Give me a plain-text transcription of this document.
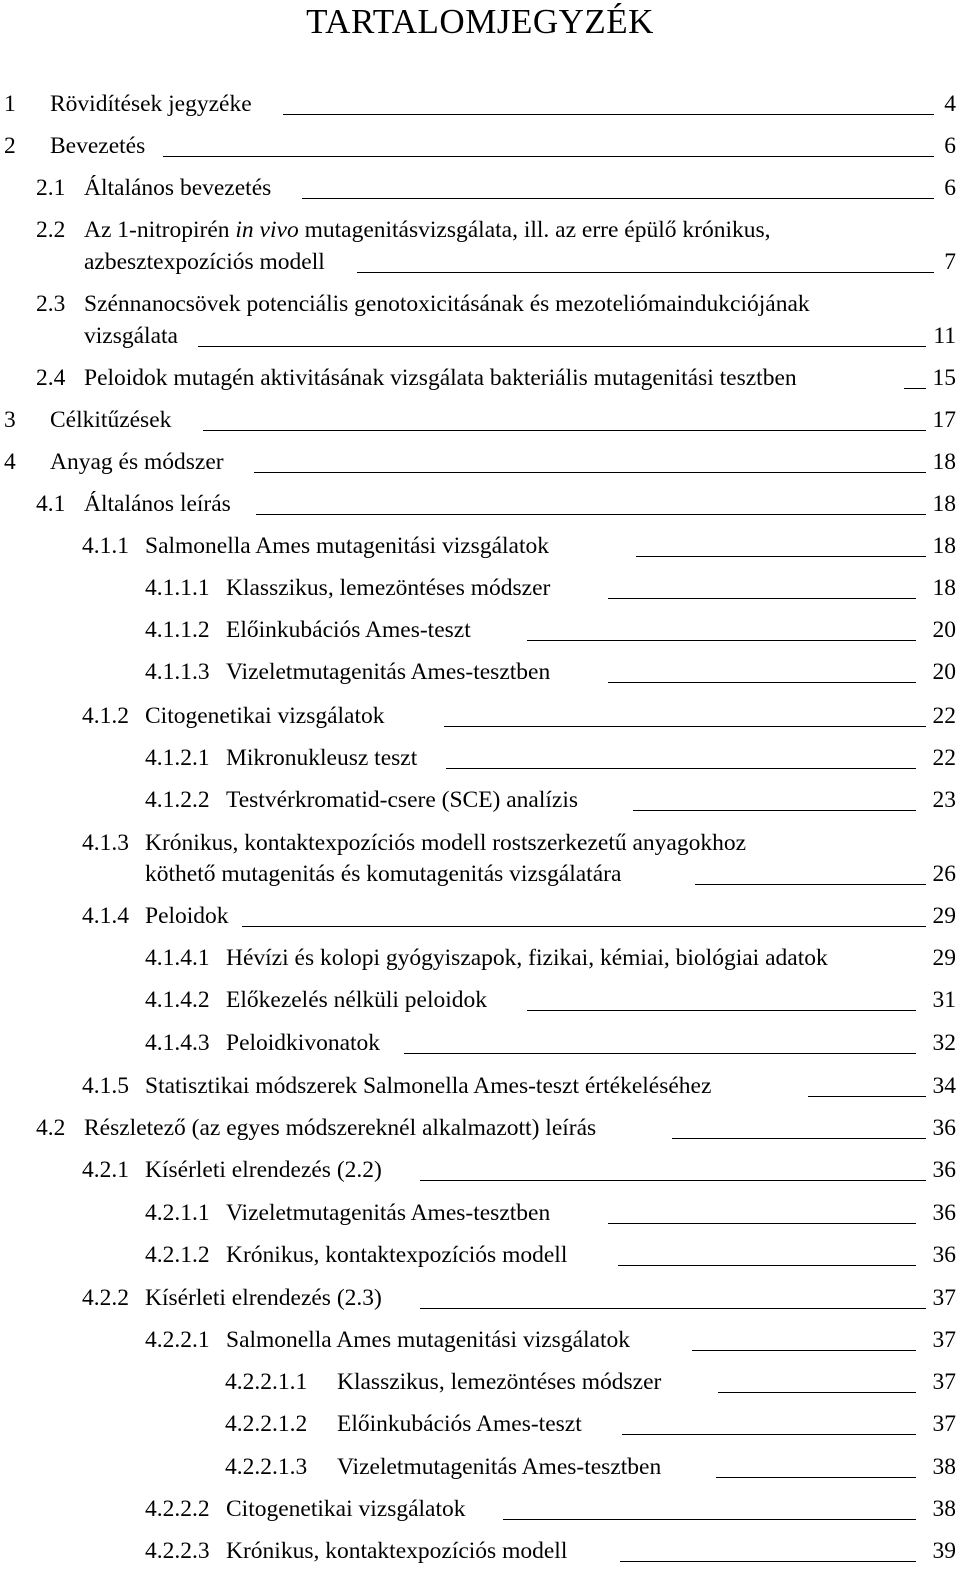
TARTALOMJEGYZÉK
1 Rövidítések jegyzéke	4
2 Bevezetés	6
2.1 Általános bevezetés	6
2.2 Az 1-nitropirén in vivo mutagenitásvizsgálata, ill. az erre épülő krónikus,
azbesztexpozíciós modell	7
2.3 Szénnanocsövek potenciális genotoxicitásának és mezoteliómaindukciójának
vizsgálata	11
2.4 Peloidok mutagén aktivitásának vizsgálata bakteriális mutagenitási tesztben	15
3 Célkitűzések	17
4 Anyag és módszer	18
4.1 Általános leírás	18
4.1.1 Salmonella Ames mutagenitási vizsgálatok	18
4.1.1.1 Klasszikus, lemezöntéses módszer	18
4.1.1.2 Előinkubációs Ames-teszt	20
4.1.1.3 Vizeletmutagenitás Ames-tesztben	20
4.1.2 Citogenetikai vizsgálatok	22
4.1.2.1 Mikronukleusz teszt	22
4.1.2.2 Testvérkromatid-csere (SCE) analízis	23
4.1.3 Krónikus, kontaktexpozíciós modell rostszerkezetű anyagokhoz
köthető mutagenitás és komutagenitás vizsgálatára	26
4.1.4 Peloidok	29
4.1.4.1 Hévízi és kolopi gyógyiszapok, fizikai, kémiai, biológiai adatok	29
4.1.4.2 Előkezelés nélküli peloidok	31
4.1.4.3 Peloidkivonatok	32
4.1.5 Statisztikai módszerek Salmonella Ames-teszt értékeléséhez	34
4.2 Részletező (az egyes módszereknél alkalmazott) leírás	36
4.2.1 Kísérleti elrendezés (2.2)	36
4.2.1.1 Vizeletmutagenitás Ames-tesztben	36
4.2.1.2 Krónikus, kontaktexpozíciós modell	36
4.2.2 Kísérleti elrendezés (2.3)	37
4.2.2.1 Salmonella Ames mutagenitási vizsgálatok	37
4.2.2.1.1 Klasszikus, lemezöntéses módszer	37
4.2.2.1.2 Előinkubációs Ames-teszt	37
4.2.2.1.3 Vizeletmutagenitás Ames-tesztben	38
4.2.2.2 Citogenetikai vizsgálatok	38
4.2.2.3 Krónikus, kontaktexpozíciós modell	39
